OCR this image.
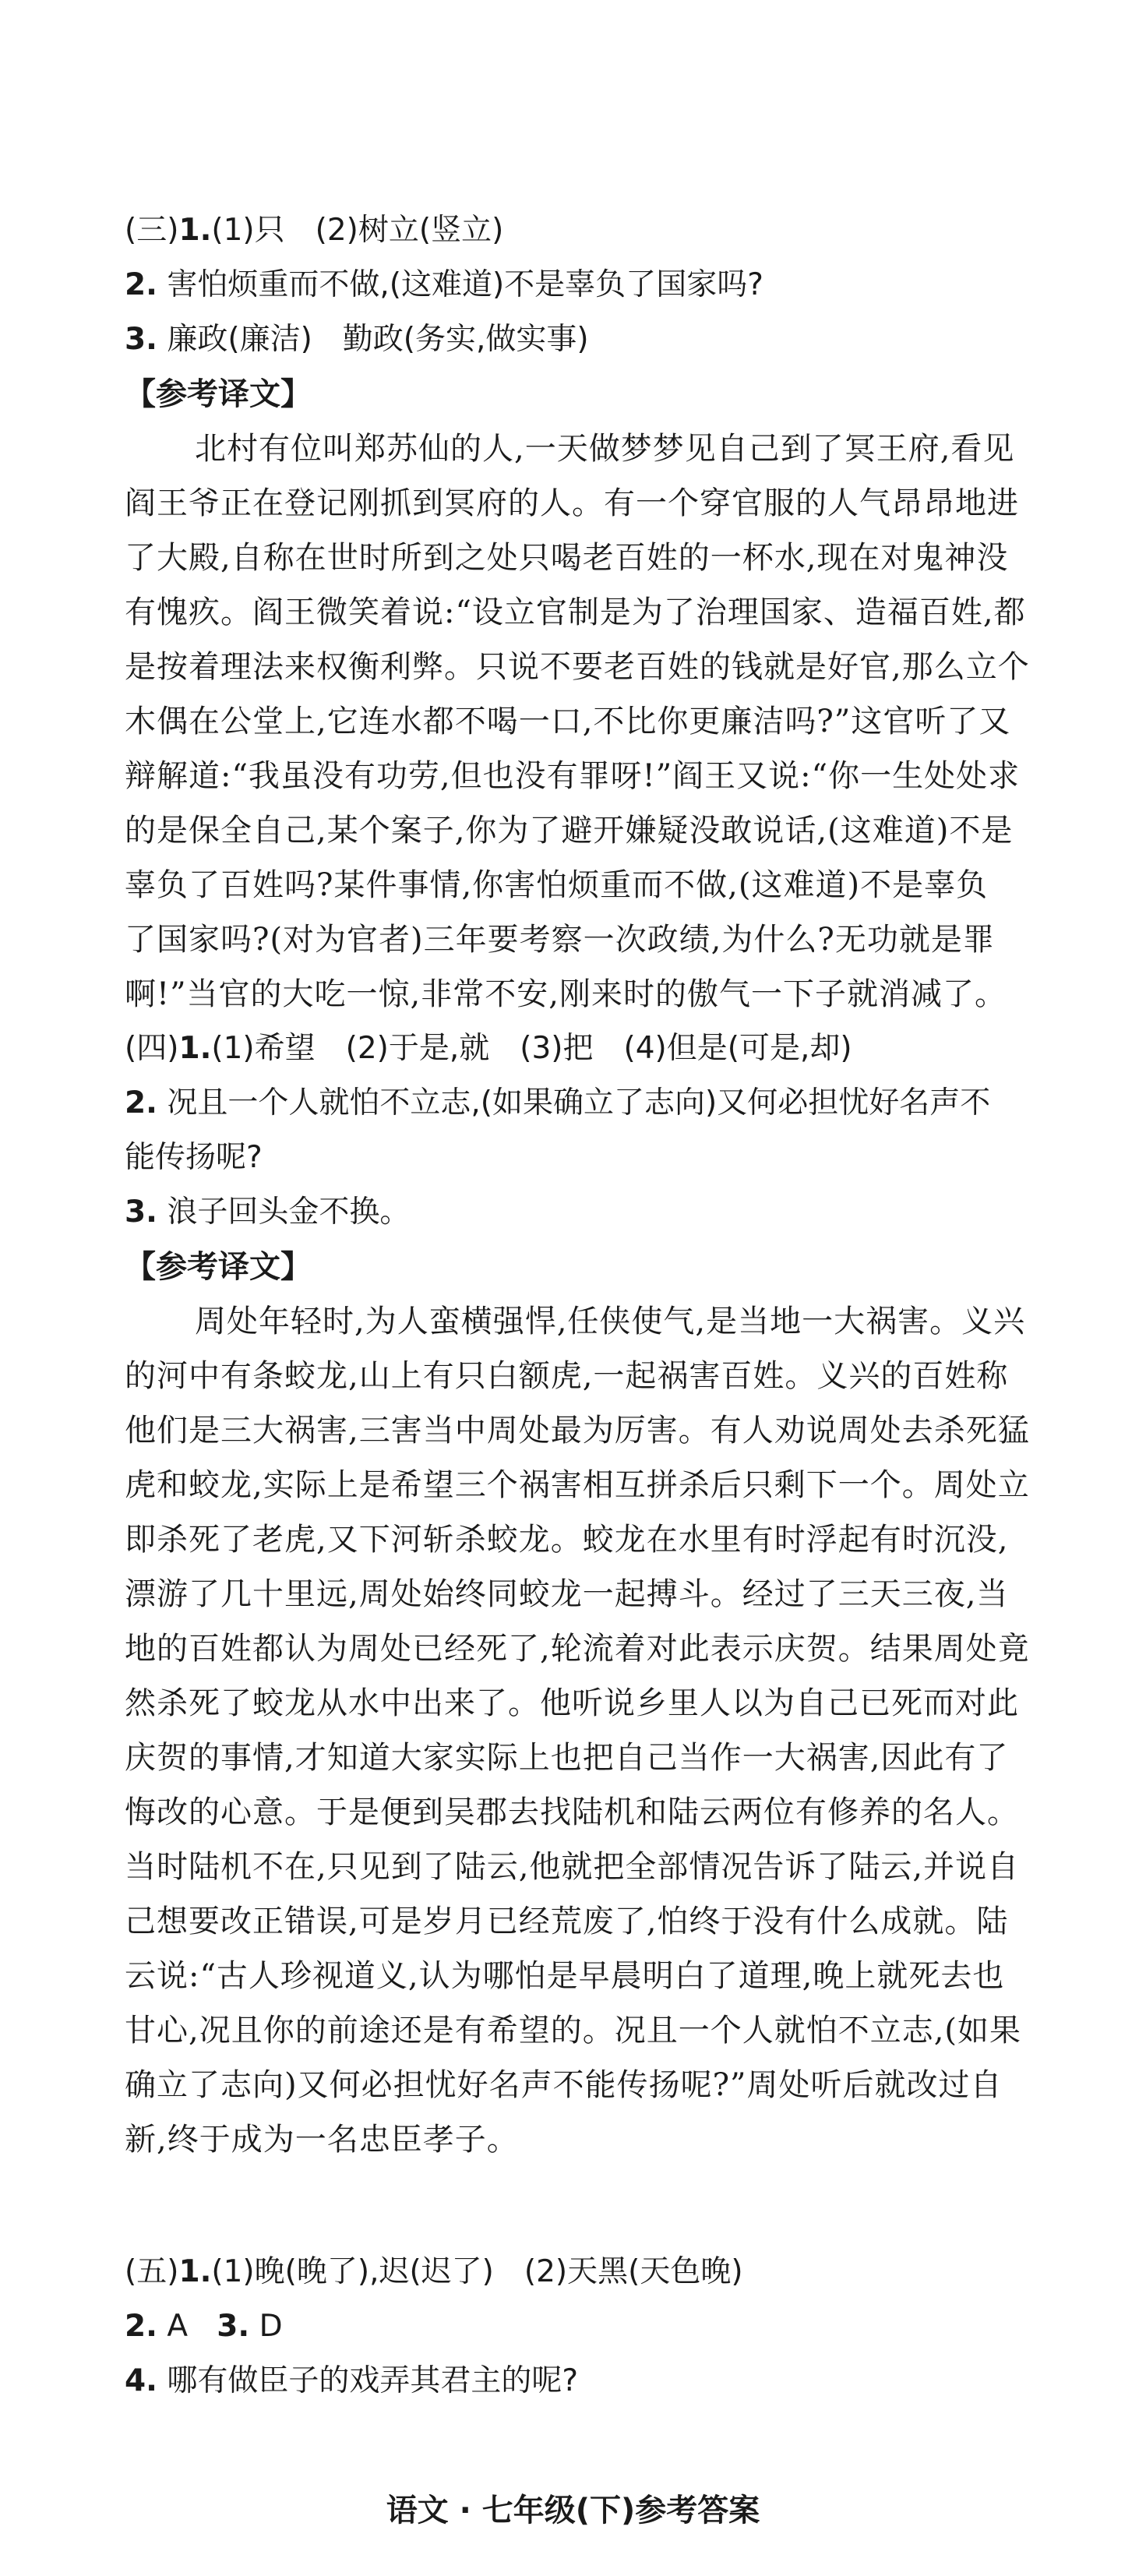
(三)1.(1)只　(2)树立(竖立)
2. 害怕烦重而不做,(这难道)不是辜负了国家吗?
3. 廉政(廉洁)　勤政(务实,做实事)
【参考译文】
北村有位叫郑苏仙的人,一天做梦梦见自己到了冥王府,看见
阎王爷正在登记刚抓到冥府的人。有一个穿官服的人气昂昂地进
了大殿,自称在世时所到之处只喝老百姓的一杯水,现在对鬼神没
有愧疚。阎王微笑着说:“设立官制是为了治理国家、造福百姓,都
是按着理法来权衡利弊。只说不要老百姓的钱就是好官,那么立个
木偶在公堂上,它连水都不喝一口,不比你更廉洁吗?”这官听了又
辩解道:“我虽没有功劳,但也没有罪呀!”阎王又说:“你一生处处求
的是保全自己,某个案子,你为了避开嫌疑没敢说话,(这难道)不是
辜负了百姓吗?某件事情,你害怕烦重而不做,(这难道)不是辜负
了国家吗?(对为官者)三年要考察一次政绩,为什么?无功就是罪
啊!”当官的大吃一惊,非常不安,刚来时的傲气一下子就消减了。
(四)1.(1)希望　(2)于是,就　(3)把　(4)但是(可是,却)
2. 况且一个人就怕不立志,(如果确立了志向)又何必担忧好名声不
能传扬呢?
3. 浪子回头金不换。
【参考译文】
周处年轻时,为人蛮横强悍,任侠使气,是当地一大祸害。义兴
的河中有条蛟龙,山上有只白额虎,一起祸害百姓。义兴的百姓称
他们是三大祸害,三害当中周处最为厉害。有人劝说周处去杀死猛
虎和蛟龙,实际上是希望三个祸害相互拼杀后只剩下一个。周处立
即杀死了老虎,又下河斩杀蛟龙。蛟龙在水里有时浮起有时沉没,
漂游了几十里远,周处始终同蛟龙一起搏斗。经过了三天三夜,当
地的百姓都认为周处已经死了,轮流着对此表示庆贺。结果周处竟
然杀死了蛟龙从水中出来了。他听说乡里人以为自己已死而对此
庆贺的事情,才知道大家实际上也把自己当作一大祸害,因此有了
悔改的心意。于是便到吴郡去找陆机和陆云两位有修养的名人。
当时陆机不在,只见到了陆云,他就把全部情况告诉了陆云,并说自
己想要改正错误,可是岁月已经荒废了,怕终于没有什么成就。陆
云说:“古人珍视道义,认为哪怕是早晨明白了道理,晚上就死去也
甘心,况且你的前途还是有希望的。况且一个人就怕不立志,(如果
确立了志向)又何必担忧好名声不能传扬呢?”周处听后就改过自
新,终于成为一名忠臣孝子。
(五)1.(1)晚(晚了),迟(迟了)　(2)天黑(天色晚)
2. A 3. D
4. 哪有做臣子的戏弄其君主的呢?
语文 · 七年级(下)参考答案
